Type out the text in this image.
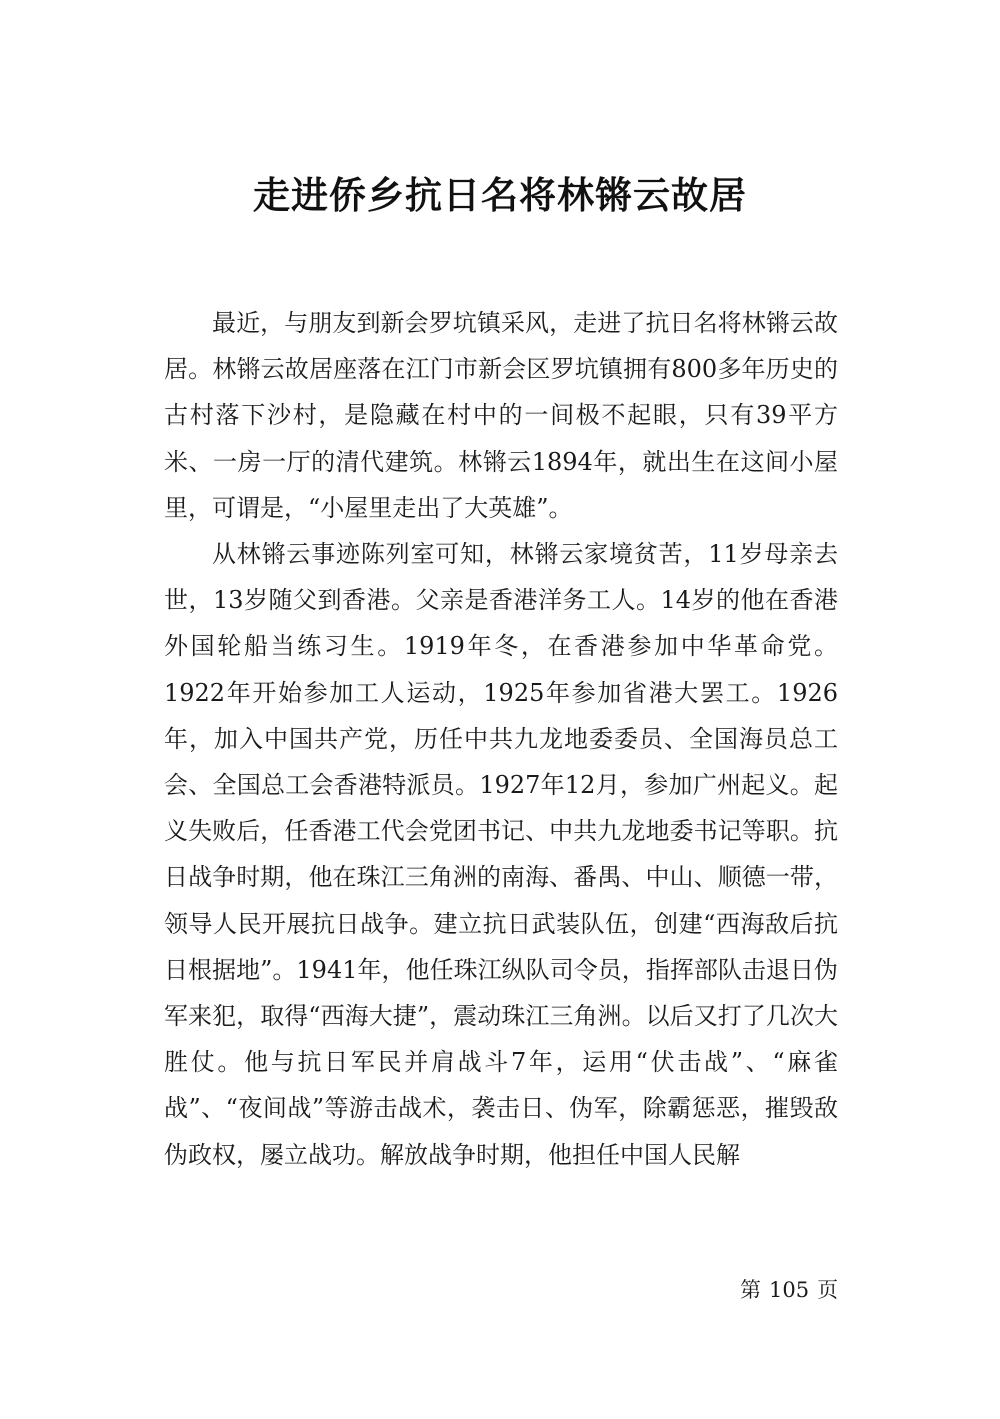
走进侨乡抗日名将林锵云故居

最近，与朋友到新会罗坑镇采风，走进了抗日名将林锵云故居。林锵云故居座落在江门市新会区罗坑镇拥有800多年历史的古村落下沙村，是隐藏在村中的一间极不起眼，只有39平方米、一房一厅的清代建筑。林锵云1894年，就出生在这间小屋里，可谓是，“小屋里走出了大英雄”。

从林锵云事迹陈列室可知，林锵云家境贫苦，11岁母亲去世，13岁随父到香港。父亲是香港洋务工人。14岁的他在香港外国轮船当练习生。1919年冬，在香港参加中华革命党。1922年开始参加工人运动，1925年参加省港大罢工。1926年，加入中国共产党，历任中共九龙地委委员、全国海员总工会、全国总工会香港特派员。1927年12月，参加广州起义。起义失败后，任香港工代会党团书记、中共九龙地委书记等职。抗日战争时期，他在珠江三角洲的南海、番禺、中山、顺德一带，领导人民开展抗日战争。建立抗日武装队伍，创建“西海敌后抗日根据地”。1941年，他任珠江纵队司令员，指挥部队击退日伪军来犯，取得“西海大捷”，震动珠江三角洲。以后又打了几次大胜仗。他与抗日军民并肩战斗7年，运用“伏击战”、“麻雀战”、“夜间战”等游击战术，袭击日、伪军，除霸惩恶，摧毁敌伪政权，屡立战功。解放战争时期，他担任中国人民解

第 105 页
